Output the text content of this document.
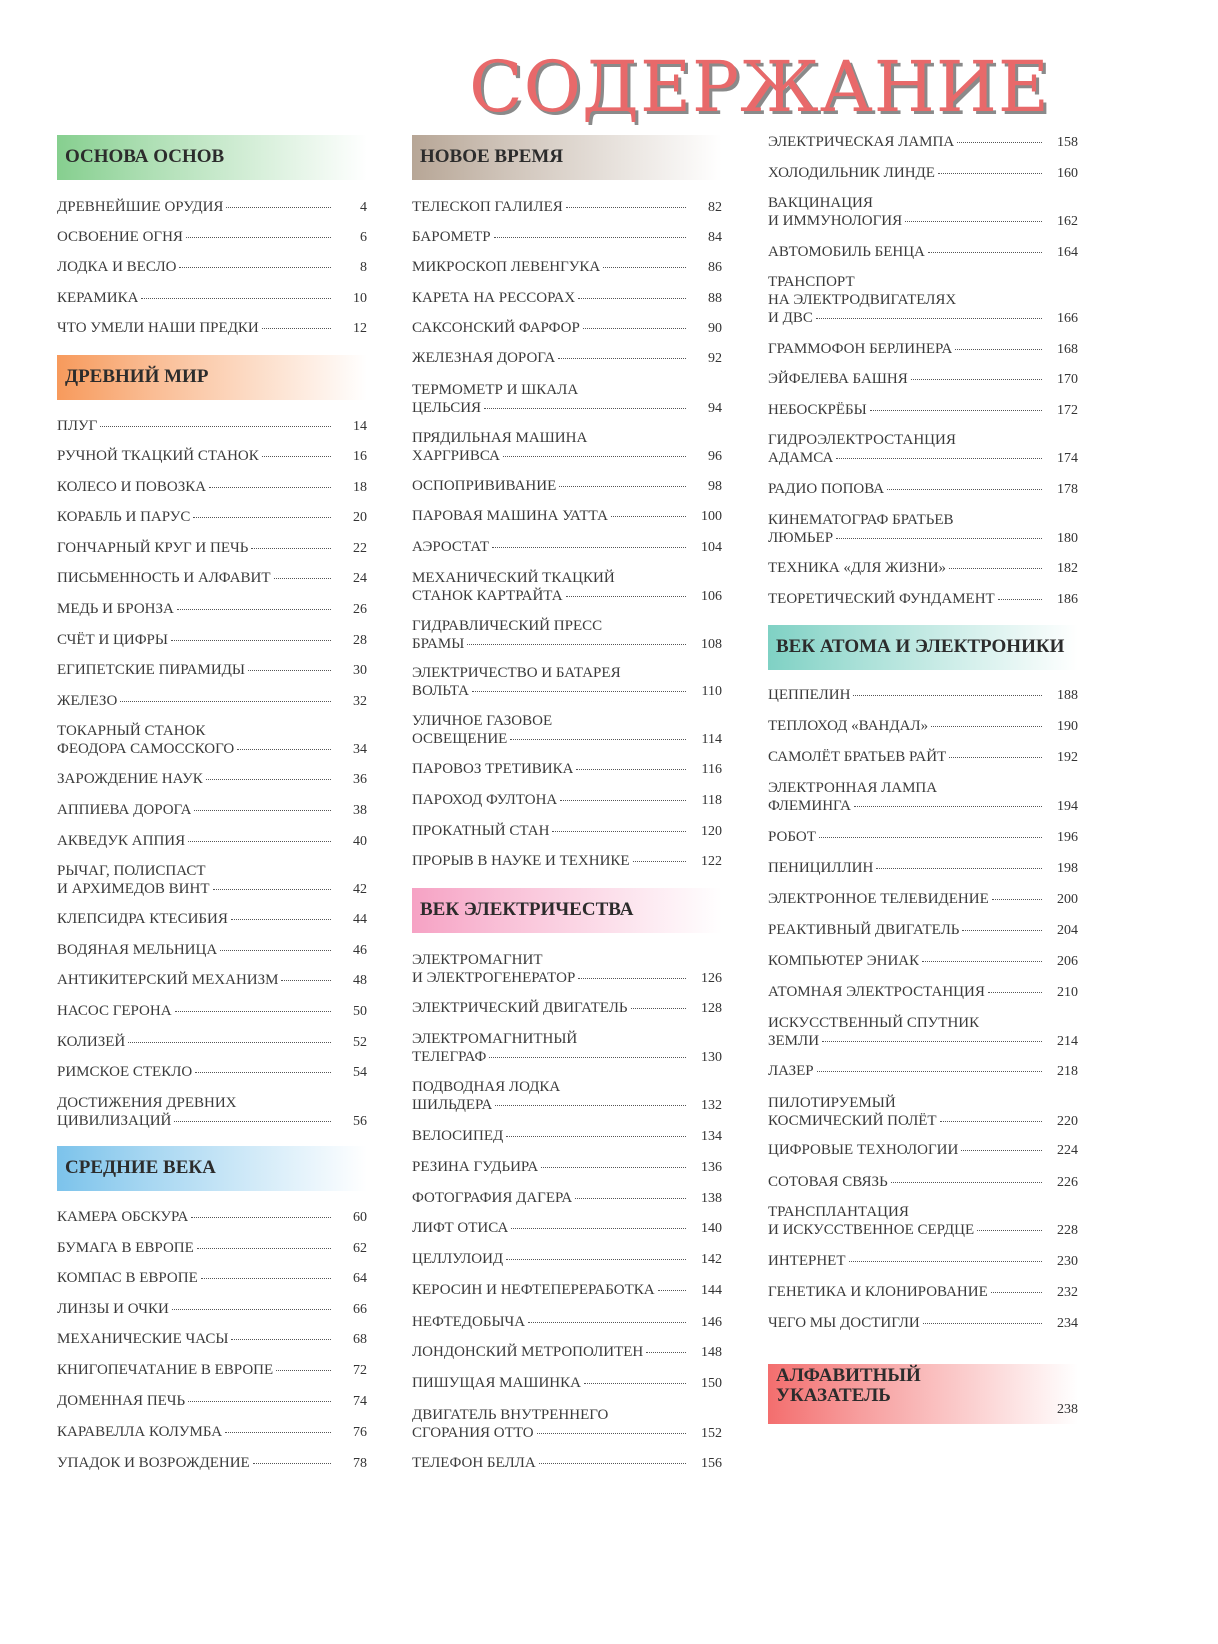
СОДЕРЖАНИЕ
ОСНОВА ОСНОВ
ДРЕВНЕЙШИЕ ОРУДИЯ	4
ОСВОЕНИЕ ОГНЯ	6
ЛОДКА И ВЕСЛО	8
КЕРАМИКА	10
ЧТО УМЕЛИ НАШИ ПРЕДКИ	12
ДРЕВНИЙ МИР
ПЛУГ	14
РУЧНОЙ ТКАЦКИЙ СТАНОК	16
КОЛЕСО И ПОВОЗКА	18
КОРАБЛЬ И ПАРУС	20
ГОНЧАРНЫЙ КРУГ И ПЕЧЬ	22
ПИСЬМЕННОСТЬ И АЛФАВИТ	24
МЕДЬ И БРОНЗА	26
СЧЁТ И ЦИФРЫ	28
ЕГИПЕТСКИЕ ПИРАМИДЫ	30
ЖЕЛЕЗО	32
ТОКАРНЫЙ СТАНОК
ФЕОДОРА САМОССКОГО	34
ЗАРОЖДЕНИЕ НАУК	36
АППИЕВА ДОРОГА	38
АКВЕДУК АППИЯ	40
РЫЧАГ, ПОЛИСПАСТ
И АРХИМЕДОВ ВИНТ	42
КЛЕПСИДРА КТЕСИБИЯ	44
ВОДЯНАЯ МЕЛЬНИЦА	46
АНТИКИТЕРСКИЙ МЕХАНИЗМ	48
НАСОС ГЕРОНА	50
КОЛИЗЕЙ	52
РИМСКОЕ СТЕКЛО	54
ДОСТИЖЕНИЯ ДРЕВНИХ
ЦИВИЛИЗАЦИЙ	56
СРЕДНИЕ ВЕКА
КАМЕРА ОБСКУРА	60
БУМАГА В ЕВРОПЕ	62
КОМПАС В ЕВРОПЕ	64
ЛИНЗЫ И ОЧКИ	66
МЕХАНИЧЕСКИЕ ЧАСЫ	68
КНИГОПЕЧАТАНИЕ В ЕВРОПЕ	72
ДОМЕННАЯ ПЕЧЬ	74
КАРАВЕЛЛА КОЛУМБА	76
УПАДОК И ВОЗРОЖДЕНИЕ	78
НОВОЕ ВРЕМЯ
ТЕЛЕСКОП ГАЛИЛЕЯ	82
БАРОМЕТР	84
МИКРОСКОП ЛЕВЕНГУКА	86
КАРЕТА НА РЕССОРАХ	88
САКСОНСКИЙ ФАРФОР	90
ЖЕЛЕЗНАЯ ДОРОГА	92
ТЕРМОМЕТР И ШКАЛА
ЦЕЛЬСИЯ	94
ПРЯДИЛЬНАЯ МАШИНА
ХАРГРИВСА	96
ОСПОПРИВИВАНИЕ	98
ПАРОВАЯ МАШИНА УАТТА	100
АЭРОСТАТ	104
МЕХАНИЧЕСКИЙ ТКАЦКИЙ
СТАНОК КАРТРАЙТА	106
ГИДРАВЛИЧЕСКИЙ ПРЕСС
БРАМЫ	108
ЭЛЕКТРИЧЕСТВО И БАТАРЕЯ
ВОЛЬТА	110
УЛИЧНОЕ ГАЗОВОЕ
ОСВЕЩЕНИЕ	114
ПАРОВОЗ ТРЕТИВИКА	116
ПАРОХОД ФУЛТОНА	118
ПРОКАТНЫЙ СТАН	120
ПРОРЫВ В НАУКЕ И ТЕХНИКЕ	122
ВЕК ЭЛЕКТРИЧЕСТВА
ЭЛЕКТРОМАГНИТ
И ЭЛЕКТРОГЕНЕРАТОР	126
ЭЛЕКТРИЧЕСКИЙ ДВИГАТЕЛЬ	128
ЭЛЕКТРОМАГНИТНЫЙ
ТЕЛЕГРАФ	130
ПОДВОДНАЯ ЛОДКА
ШИЛЬДЕРА	132
ВЕЛОСИПЕД	134
РЕЗИНА ГУДЬИРА	136
ФОТОГРАФИЯ ДАГЕРА	138
ЛИФТ ОТИСА	140
ЦЕЛЛУЛОИД	142
КЕРОСИН И НЕФТЕПЕРЕРАБОТКА	144
НЕФТЕДОБЫЧА	146
ЛОНДОНСКИЙ МЕТРОПОЛИТЕН	148
ПИШУЩАЯ МАШИНКА	150
ДВИГАТЕЛЬ ВНУТРЕННЕГО
СГОРАНИЯ ОТТО	152
ТЕЛЕФОН БЕЛЛА	156
ЭЛЕКТРИЧЕСКАЯ ЛАМПА	158
ХОЛОДИЛЬНИК ЛИНДЕ	160
ВАКЦИНАЦИЯ
И ИММУНОЛОГИЯ	162
АВТОМОБИЛЬ БЕНЦА	164
ТРАНСПОРТ
НА ЭЛЕКТРОДВИГАТЕЛЯХ
И ДВС	166
ГРАММОФОН БЕРЛИНЕРА	168
ЭЙФЕЛЕВА БАШНЯ	170
НЕБОСКРЁБЫ	172
ГИДРОЭЛЕКТРОСТАНЦИЯ
АДАМСА	174
РАДИО ПОПОВА	178
КИНЕМАТОГРАФ БРАТЬЕВ
ЛЮМЬЕР	180
ТЕХНИКА «ДЛЯ ЖИЗНИ»	182
ТЕОРЕТИЧЕСКИЙ ФУНДАМЕНТ	186
ВЕК АТОМА И ЭЛЕКТРОНИКИ
ЦЕППЕЛИН	188
ТЕПЛОХОД «ВАНДАЛ»	190
САМОЛЁТ БРАТЬЕВ РАЙТ	192
ЭЛЕКТРОННАЯ ЛАМПА
ФЛЕМИНГА	194
РОБОТ	196
ПЕНИЦИЛЛИН	198
ЭЛЕКТРОННОЕ ТЕЛЕВИДЕНИЕ	200
РЕАКТИВНЫЙ ДВИГАТЕЛЬ	204
КОМПЬЮТЕР ЭНИАК	206
АТОМНАЯ ЭЛЕКТРОСТАНЦИЯ	210
ИСКУССТВЕННЫЙ СПУТНИК
ЗЕМЛИ	214
ЛАЗЕР	218
ПИЛОТИРУЕМЫЙ
КОСМИЧЕСКИЙ ПОЛЁТ	220
ЦИФРОВЫЕ ТЕХНОЛОГИИ	224
СОТОВАЯ СВЯЗЬ	226
ТРАНСПЛАНТАЦИЯ
И ИСКУССТВЕННОЕ СЕРДЦЕ	228
ИНТЕРНЕТ	230
ГЕНЕТИКА И КЛОНИРОВАНИЕ	232
ЧЕГО МЫ ДОСТИГЛИ	234
АЛФАВИТНЫЙ
УКАЗАТЕЛЬ
238
